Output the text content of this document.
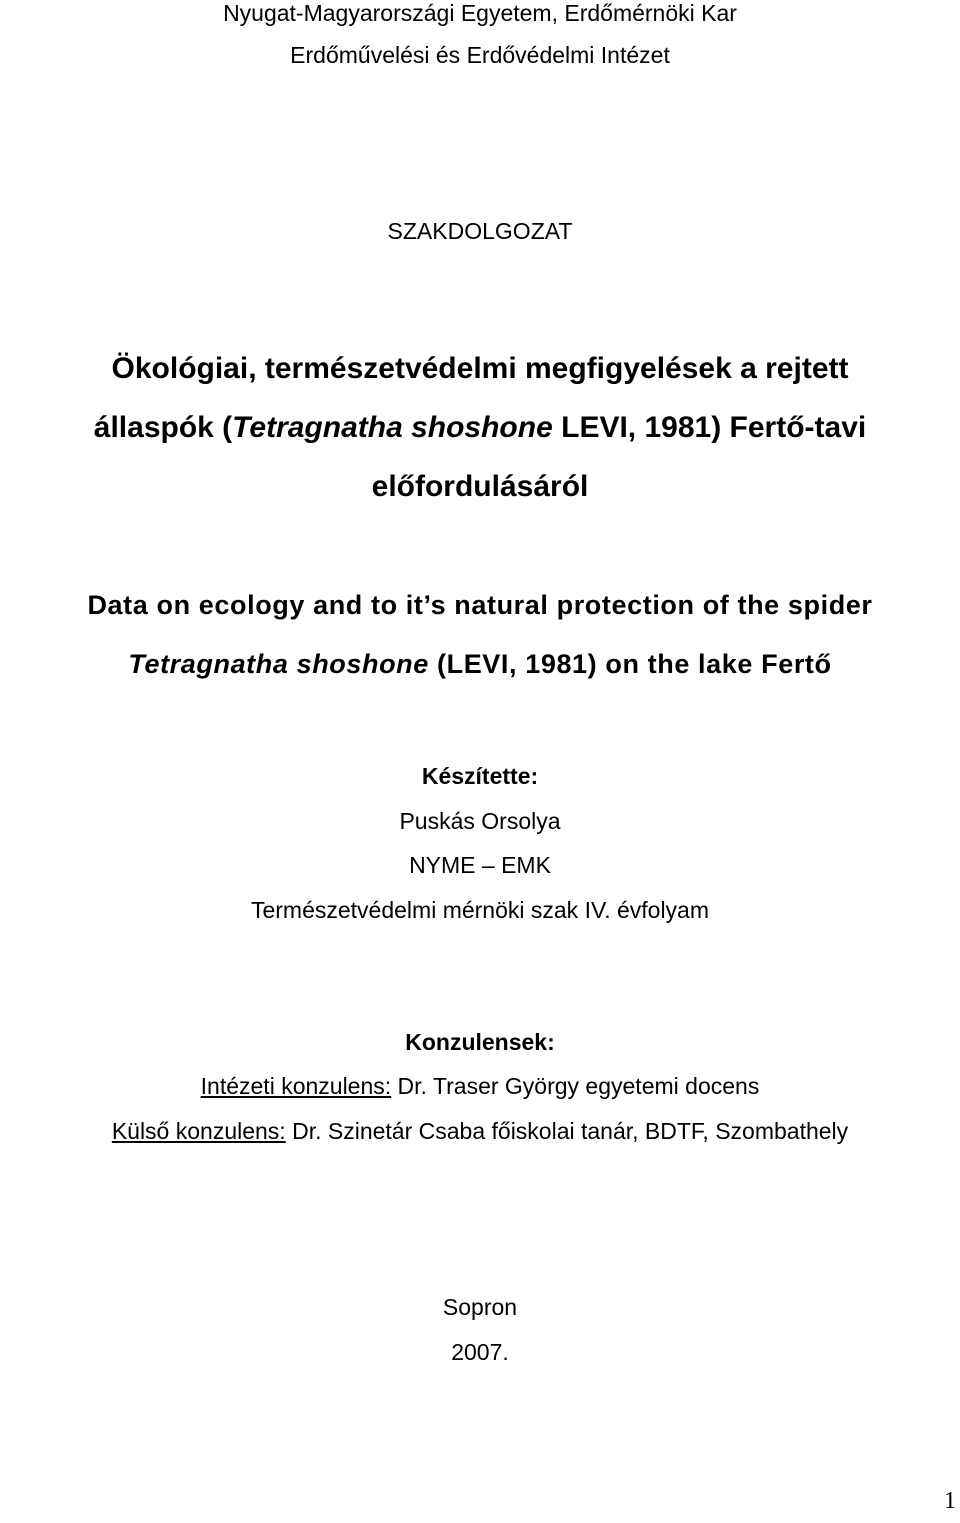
Nyugat-Magyarországi Egyetem, Erdőmérnöki Kar
Erdőművelési és Erdővédelmi Intézet
SZAKDOLGOZAT
Ökológiai, természetvédelmi megfigyelések a rejtett
állaspók (Tetragnatha shoshone LEVI, 1981) Fertő-tavi
előfordulásáról
Data on ecology and to it’s natural protection of the spider
Tetragnatha shoshone (LEVI, 1981) on the lake Fertő
Készítette:
Puskás Orsolya
NYME – EMK
Természetvédelmi mérnöki szak IV. évfolyam
Konzulensek:
Intézeti konzulens: Dr. Traser György egyetemi docens
Külső konzulens: Dr. Szinetár Csaba főiskolai tanár, BDTF, Szombathely
Sopron
2007.
1
